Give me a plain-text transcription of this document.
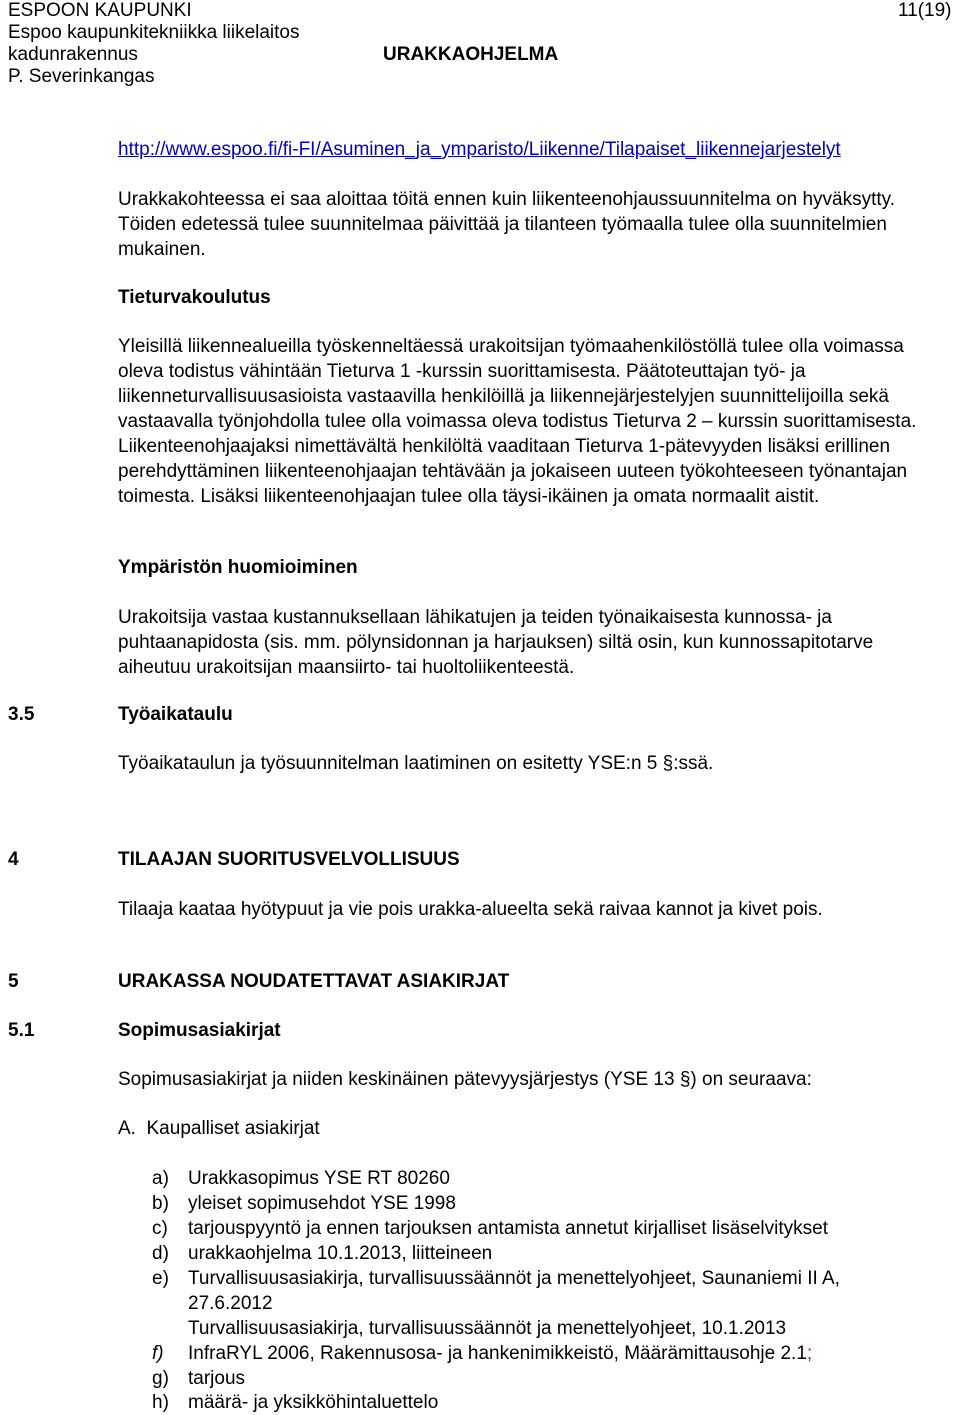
ESPOON KAUPUNKI
Espoo kaupunkitekniikka liikelaitos
kadunrakennus
P. Severinkangas
URAKKAOHJELMA
11(19)
http://www.espoo.fi/fi-FI/Asuminen_ja_ymparisto/Liikenne/Tilapaiset_liikennejarjestelyt

Urakkakohteessa ei saa aloittaa töitä ennen kuin liikenteenohjaussuunnitelma on hyväksytty. Töiden edetessä tulee suunnitelmaa päivittää ja tilanteen työmaalla tulee olla suunnitelmien mukainen.

Tieturvakoulutus

Yleisillä liikennealueilla työskenneltäessä urakoitsijan työmaahenkilöstöllä tulee olla voimassa oleva todistus vähintään Tieturva 1 -kurssin suorittamisesta. Päätoteuttajan työ- ja liikenneturvallisuusasioista vastaavilla henkilöillä ja liikennejärjestelyjen suunnittelijoilla sekä vastaavalla työnjohdolla tulee olla voimassa oleva todistus Tieturva 2 – kurssin suorittamisesta. Liikenteenohjaajaksi nimettävältä henkilöltä vaaditaan Tieturva 1-pätevyyden lisäksi erillinen perehdyttäminen liikenteenohjaajan tehtävään ja jokaiseen uuteen työkohteeseen työnantajan toimesta. Lisäksi liikenteenohjaajan tulee olla täysi-ikäinen ja omata normaalit aistit.

Ympäristön huomioiminen

Urakoitsija vastaa kustannuksellaan lähikatujen ja teiden työnaikaisesta kunnossa- ja puhtaanapidosta (sis. mm. pölynsidonnan ja harjauksen) siltä osin, kun kunnossapitotarve aiheutuu urakoitsijan maansiirto- tai huoltoliikenteestä.

3.5	Työaikataulu
Työaikataulun ja työsuunnitelman laatiminen on esitetty YSE:n 5 §:ssä.
4	TILAAJAN SUORITUSVELVOLLISUUS
Tilaaja kaataa hyötypuut ja vie pois urakka-alueelta sekä raivaa kannot ja kivet pois.
5	URAKASSA NOUDATETTAVAT ASIAKIRJAT
5.1	Sopimusasiakirjat
Sopimusasiakirjat ja niiden keskinäinen pätevyysjärjestys (YSE 13 §) on seuraava:
A.  Kaupalliset asiakirjat
a) Urakkasopimus YSE RT 80260
b) yleiset sopimusehdot YSE 1998
c) tarjouspyyntö ja ennen tarjouksen antamista annetut kirjalliset lisäselvitykset
d) urakkaohjelma 10.1.2013, liitteineen
e) Turvallisuusasiakirja, turvallisuussäännöt ja menettelyohjeet, Saunaniemi II A,
27.6.2012
Turvallisuusasiakirja, turvallisuussäännöt ja menettelyohjeet, 10.1.2013
f) InfraRYL 2006, Rakennusosa- ja hankenimikkeistö, Määrämittausohje 2.1;
g) tarjous
h) määrä- ja yksikköhintaluettelo
